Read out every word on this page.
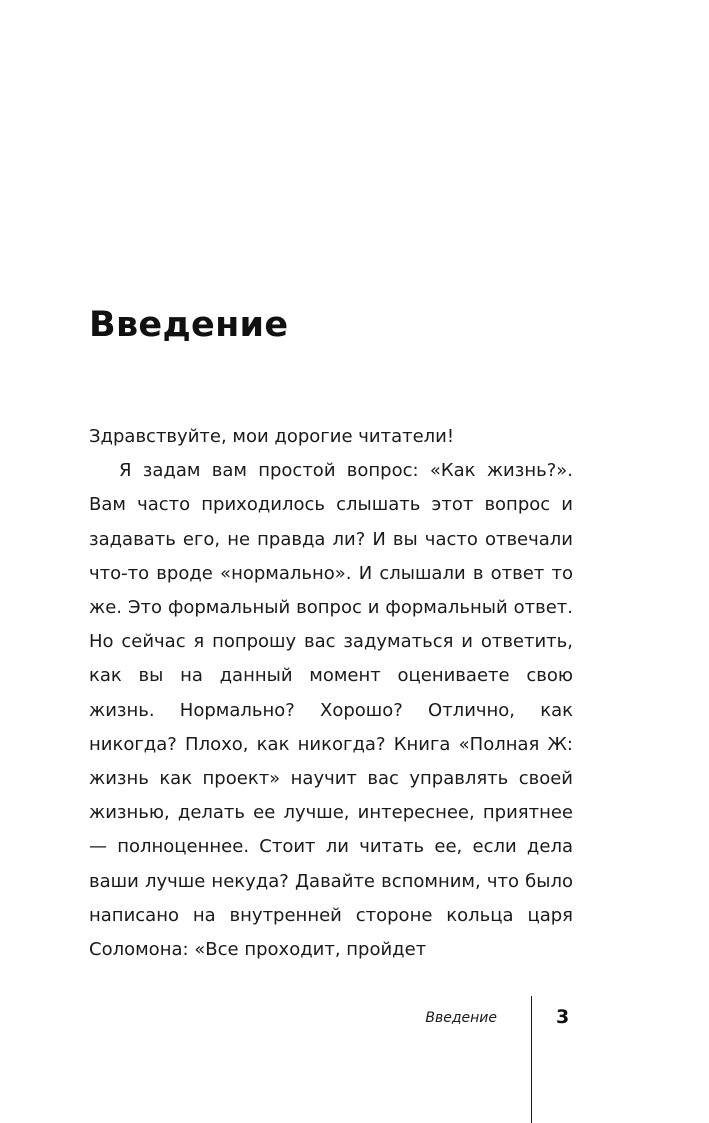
Введение

Здравствуйте, мои дорогие читатели!

Я задам вам простой вопрос: «Как жизнь?». Вам часто приходилось слышать этот вопрос и задавать его, не правда ли? И вы часто отвечали что-то вроде «нормально». И слышали в ответ то же. Это формальный вопрос и формальный ответ. Но сейчас я попрошу вас задуматься и ответить, как вы на данный момент оцениваете свою жизнь. Нормально? Хорошо? Отлично, как никогда? Плохо, как никогда? Книга «Полная Ж: жизнь как проект» научит вас управлять своей жизнью, делать ее лучше, интереснее, приятнее — полноценнее. Стоит ли читать ее, если дела ваши лучше некуда? Давайте вспомним, что было написано на внутренней стороне кольца царя Соломона: «Все проходит, пройдет

Введение	3
